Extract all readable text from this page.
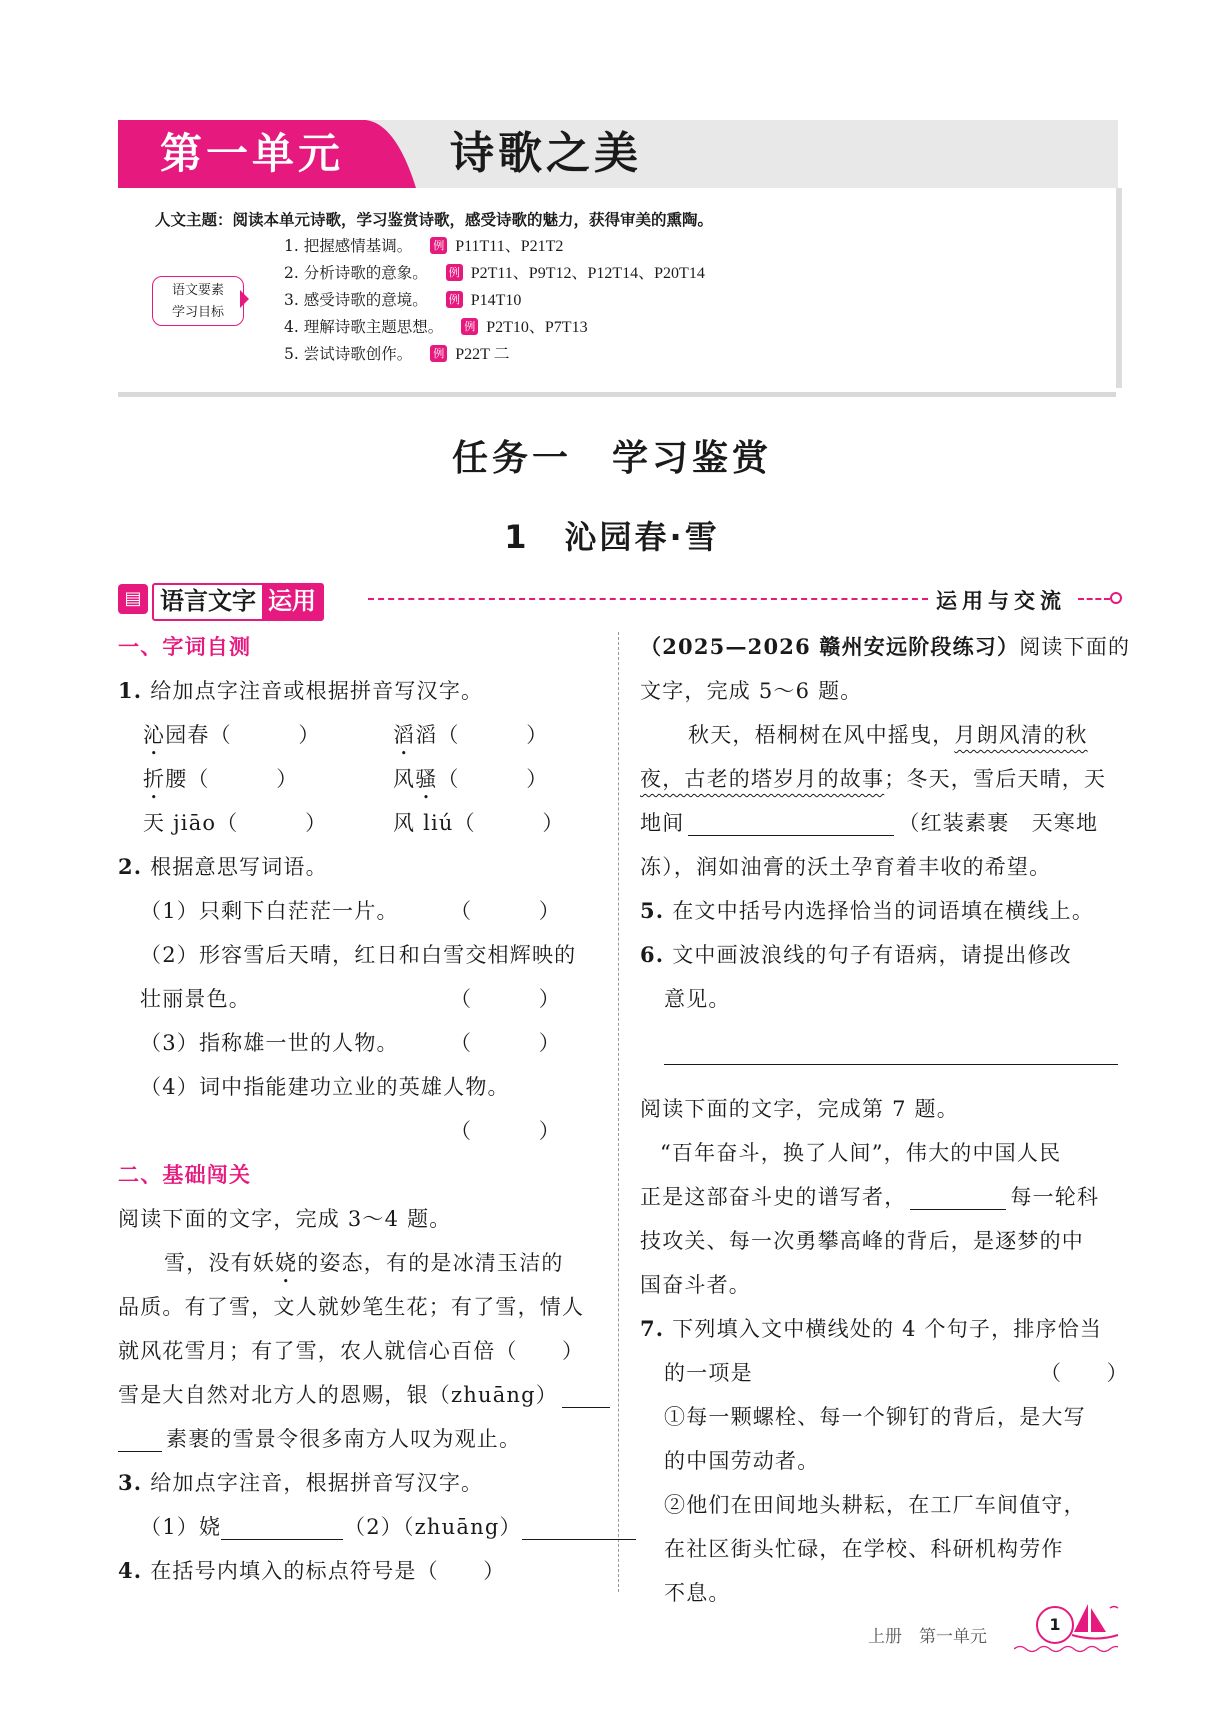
第一单元 诗歌之美
人文主题：阅读本单元诗歌，学习鉴赏诗歌，感受诗歌的魅力，获得审美的熏陶。
语文要素
学习目标
1. 把握感情基调。 例 P11T11、P21T2
2. 分析诗歌的意象。 例 P2T11、P9T12、P12T14、P20T14
3. 感受诗歌的意境。 例 P14T10
4. 理解诗歌主题思想。 例 P2T10、P7T13
5. 尝试诗歌创作。 例 P22T 二
任务一　学习鉴赏
1　沁园春·雪
▤ 语言文字 运用	运用与交流
一、字词自测
1. 给加点字注音或根据拼音写汉字。
沁园春（　　　）	滔滔（　　　）
折腰（　　　）	风骚（　　　）
天 jiāo（　　　）	风 liú（　　　）
2. 根据意思写词语。
（1）只剩下白茫茫一片。 （　　　）
（2）形容雪后天晴，红日和白雪交相辉映的
壮丽景色。	（　　　）
（3）指称雄一世的人物。 （　　　）
（4）词中指能建功立业的英雄人物。
（　　　）
二、基础闯关
阅读下面的文字，完成 3～4 题。
雪，没有妖娆的姿态，有的是冰清玉洁的
品质。有了雪，文人就妙笔生花；有了雪，情人
就风花雪月；有了雪，农人就信心百倍（　　）
雪是大自然对北方人的恩赐，银（zhuāng）
素裹的雪景令很多南方人叹为观止。
3. 给加点字注音，根据拼音写汉字。
（1）娆	（2）（zhuāng）
4. 在括号内填入的标点符号是（　　）
（2025—2026 赣州安远阶段练习）阅读下面的
文字，完成 5～6 题。
秋天，梧桐树在风中摇曳，月朗风清的秋
夜，古老的塔岁月的故事；冬天，雪后天晴，天
地间	（红装素裹　天寒地
冻），润如油膏的沃土孕育着丰收的希望。
5. 在文中括号内选择恰当的词语填在横线上。
6. 文中画波浪线的句子有语病，请提出修改
意见。
阅读下面的文字，完成第 7 题。
“百年奋斗，换了人间”，伟大的中国人民
正是这部奋斗史的谱写者，	每一轮科
技攻关、每一次勇攀高峰的背后，是逐梦的中
国奋斗者。
7. 下列填入文中横线处的 4 个句子，排序恰当
的一项是	（　　）
①每一颗螺栓、每一个铆钉的背后，是大写
的中国劳动者。
②他们在田间地头耕耘，在工厂车间值守，
在社区街头忙碌，在学校、科研机构劳作
不息。
上册　第一单元
1
